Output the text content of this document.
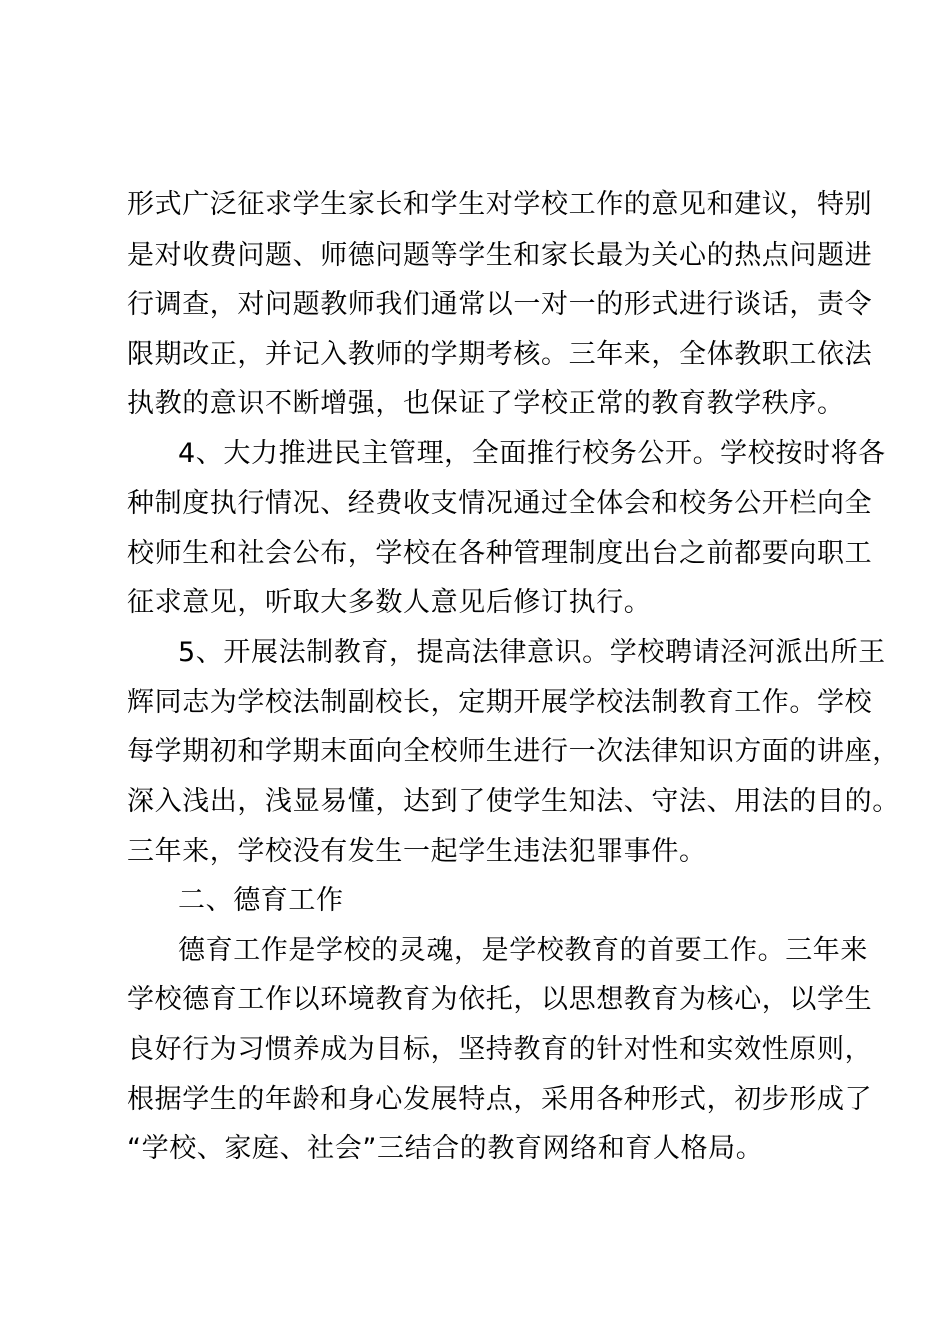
形式广泛征求学生家长和学生对学校工作的意见和建议，特别
是对收费问题、师德问题等学生和家长最为关心的热点问题进
行调查，对问题教师我们通常以一对一的形式进行谈话，责令
限期改正，并记入教师的学期考核。三年来，全体教职工依法
执教的意识不断增强，也保证了学校正常的教育教学秩序。
4、大力推进民主管理，全面推行校务公开。学校按时将各
种制度执行情况、经费收支情况通过全体会和校务公开栏向全
校师生和社会公布，学校在各种管理制度出台之前都要向职工
征求意见，听取大多数人意见后修订执行。
5、开展法制教育，提高法律意识。学校聘请泾河派出所王
辉同志为学校法制副校长，定期开展学校法制教育工作。学校
每学期初和学期末面向全校师生进行一次法律知识方面的讲座，
深入浅出，浅显易懂，达到了使学生知法、守法、用法的目的。
三年来，学校没有发生一起学生违法犯罪事件。
二、德育工作
德育工作是学校的灵魂，是学校教育的首要工作。三年来
学校德育工作以环境教育为依托，以思想教育为核心，以学生
良好行为习惯养成为目标，坚持教育的针对性和实效性原则，
根据学生的年龄和身心发展特点，采用各种形式，初步形成了
“学校、家庭、社会”三结合的教育网络和育人格局。
